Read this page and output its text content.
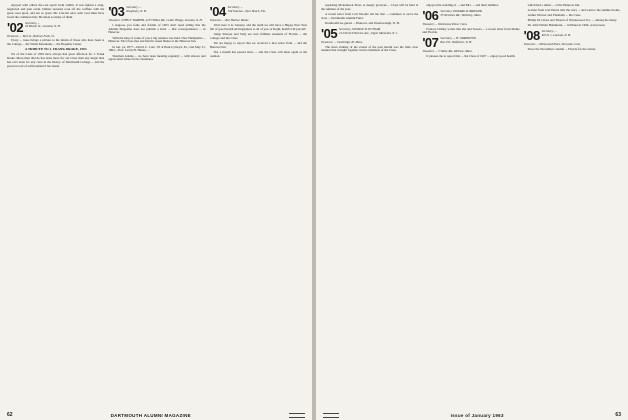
enjoyed with others the real esprit from within. It was indeed a long-neglected and gala event. Dinner sessions took off the coiffure with the great, near great, and not so great. Mr. Lincoln once said: God must have loved the common man; He made so many of them.

'02 Secretary, ...
29 Mosier St., Laconia, N. H.
Treasurer, ... Bert St., Bellows Falls, Vt.

Every ... issue brings a picture to the minds of those who have been at the College ... the White Mountains ... the Hopkins Center.

A TRIBUTE TO J. FRANK DRAKE, 1903

We of the Class of 1902 have always had great affection for J. Frank Drake. More than that he has done more for our Class than any single man has ever done for any class in the history of Dartmouth College ... and the proud record of achievement it has made.

'03 Secretary, ...
Kingsbury, N. H.
Treasurer, JOHN F. WARNER, 4135 Wilkes Rd., Cedar Village, Laconia, N. H.

I suppose you folks and friends of 1903 don't need telling that the Alumni Magazine does not publish a letter ... that correspondence ... in Hanover.

With the help of some of you a big reunion was held. New Hampshire ... Hanover. The Class met and held its usual dinner at the Hanover Inn.

In Jan. 14, 1877—David C. Cole, '03 at Bala-Cynwyd, Pa.; and May 31, 1862—Prof. Lewis H. Hanus, ...

Sherman Adams ... we have been meeting regularly ... with sincere and appreciated letters from classmates.

'04 Secretary, ...
Old Oak Ave., Nyes Beach, Fla.
Treasurer, ... Bar Harbor, Maine

Well, here it is: January, and the tenth we will have a Happy New Year full of good health and happiness to all of you. A Yoghi, health will prevail!

Judge Smoyer and Sally are now fulltime residents of Florida ... the College and the Class.

We are happy to report that we received a nice letter from ... and the Hanover Inn.

Not a month has passed since ... and the Class will meet again at the reunion.

62	DARTMOUTH ALUMNI MAGAZINE

regarding Monadnock Press. A deeply gracious ... Class will be held in the summer of the year.

A recent letter from Carl Woodle tell me that ... continues to serve the class ... Dartmouth Alumni Fund.

Dartmouth tea guests ... Hanover, and Peterborough, N. H.

'05 Secretary, GEORGE W. PUTNAM
154 North Fullerton Ave., Upper Montclair, N. J.
Treasurer, ... Cambridge 40, Mass.

The most striking of the events of the past month was the little class reunion that brought together twelve members of the Class.

enjoyed the wedding of ... and Mrs. ... and their families.

'06 Secretary, EDWARD R. BRIDGER
33 Westview Rd., Wellesley, Mass.
Treasurer, ... Warehouse Point, Conn.

Frances Chilley writes that she and Sweets ... a recent letter from Maine and Florida.

'07 Secretary, ... H. ORRINSTON
Box 253, Wolfeboro, N. H.
Treasurer, ... 5 Valley Rd., Melrose, Mass.

It pleases me to report that ... the Class of 1907 ... enjoys good health.

which had a tumor ... at the Hanover Inn.

A letter from Carl Harris tells the story ... and went to the summer home.

Arthur Weaver and Elizabeth ... the Class.

Phillip M. Chase and Thoren of Wynnewood, Pa., ... among the many.

Dr. John Wilder Hammond, ... in Hanover 1906, as has been.

'08 Secretary, ...
R.F.D. 1, Laconia, N. H.
Treasurer, ... Hollywood Place, Norwalk, Conn.

Since the November column ... Florida for the winter.

Issue of January 1963	63
